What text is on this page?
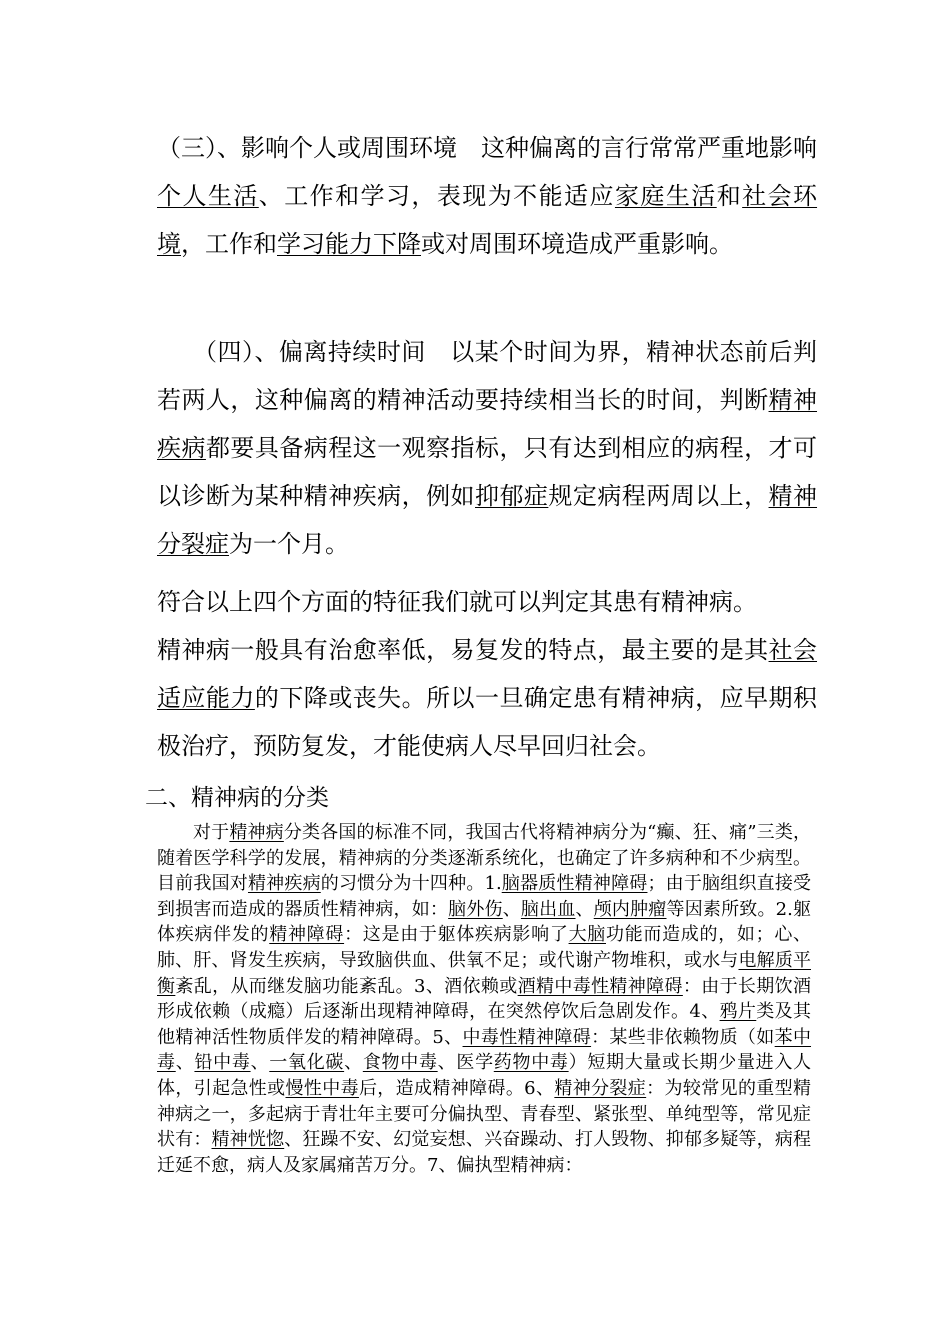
（三）、影响个人或周围环境　这种偏离的言行常常严重地影响个人生活、工作和学习，表现为不能适应家庭生活和社会环境，工作和学习能力下降或对周围环境造成严重影响。

（四）、偏离持续时间　以某个时间为界，精神状态前后判若两人，这种偏离的精神活动要持续相当长的时间，判断精神疾病都要具备病程这一观察指标，只有达到相应的病程，才可以诊断为某种精神疾病，例如抑郁症规定病程两周以上，精神分裂症为一个月。

符合以上四个方面的特征我们就可以判定其患有精神病。

精神病一般具有治愈率低，易复发的特点，最主要的是其社会适应能力的下降或丧失。所以一旦确定患有精神病，应早期积极治疗，预防复发，才能使病人尽早回归社会。

二、精神病的分类

对于精神病分类各国的标准不同，我国古代将精神病分为“癫、狂、痛”三类，随着医学科学的发展，精神病的分类逐渐系统化，也确定了许多病种和不少病型。目前我国对精神疾病的习惯分为十四种。1.脑器质性精神障碍；由于脑组织直接受到损害而造成的器质性精神病，如：脑外伤、脑出血、颅内肿瘤等因素所致。2.躯体疾病伴发的精神障碍：这是由于躯体疾病影响了大脑功能而造成的，如；心、肺、肝、肾发生疾病，导致脑供血、供氧不足；或代谢产物堆积，或水与电解质平衡紊乱，从而继发脑功能紊乱。3、酒依赖或酒精中毒性精神障碍：由于长期饮酒形成依赖（成瘾）后逐渐出现精神障碍，在突然停饮后急剧发作。4、鸦片类及其他精神活性物质伴发的精神障碍。5、中毒性精神障碍：某些非依赖物质（如苯中毒、铅中毒、一氧化碳、食物中毒、医学药物中毒）短期大量或长期少量进入人体，引起急性或慢性中毒后，造成精神障碍。6、精神分裂症：为较常见的重型精神病之一，多起病于青壮年主要可分偏执型、青春型、紧张型、单纯型等，常见症状有：精神恍惚、狂躁不安、幻觉妄想、兴奋躁动、打人毁物、抑郁多疑等，病程迁延不愈，病人及家属痛苦万分。7、偏执型精神病：
